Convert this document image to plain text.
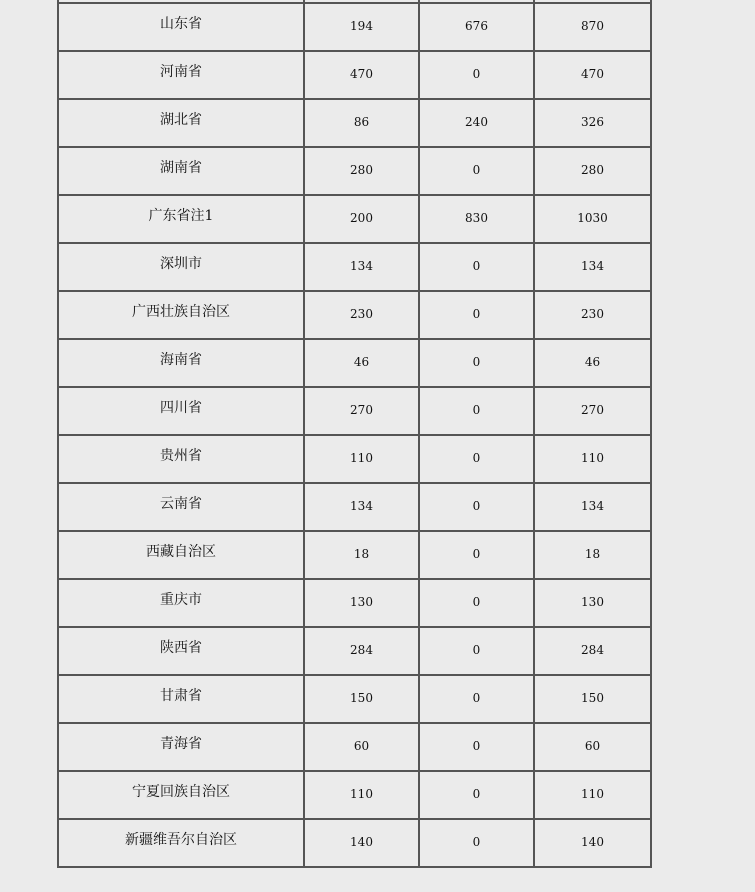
山东省	194	676	870

河南省	470	0	470

湖北省	86	240	326

湖南省	280	0	280

广东省注1	200	830	1030

深圳市	134	0	134

广西壮族自治区	230	0	230

海南省	46	0	46

四川省	270	0	270

贵州省	110	0	110

云南省	134	0	134

西藏自治区	18	0	18

重庆市	130	0	130

陕西省	284	0	284

甘肃省	150	0	150

青海省	60	0	60

宁夏回族自治区	110	0	110

新疆维吾尔自治区	140	0	140
